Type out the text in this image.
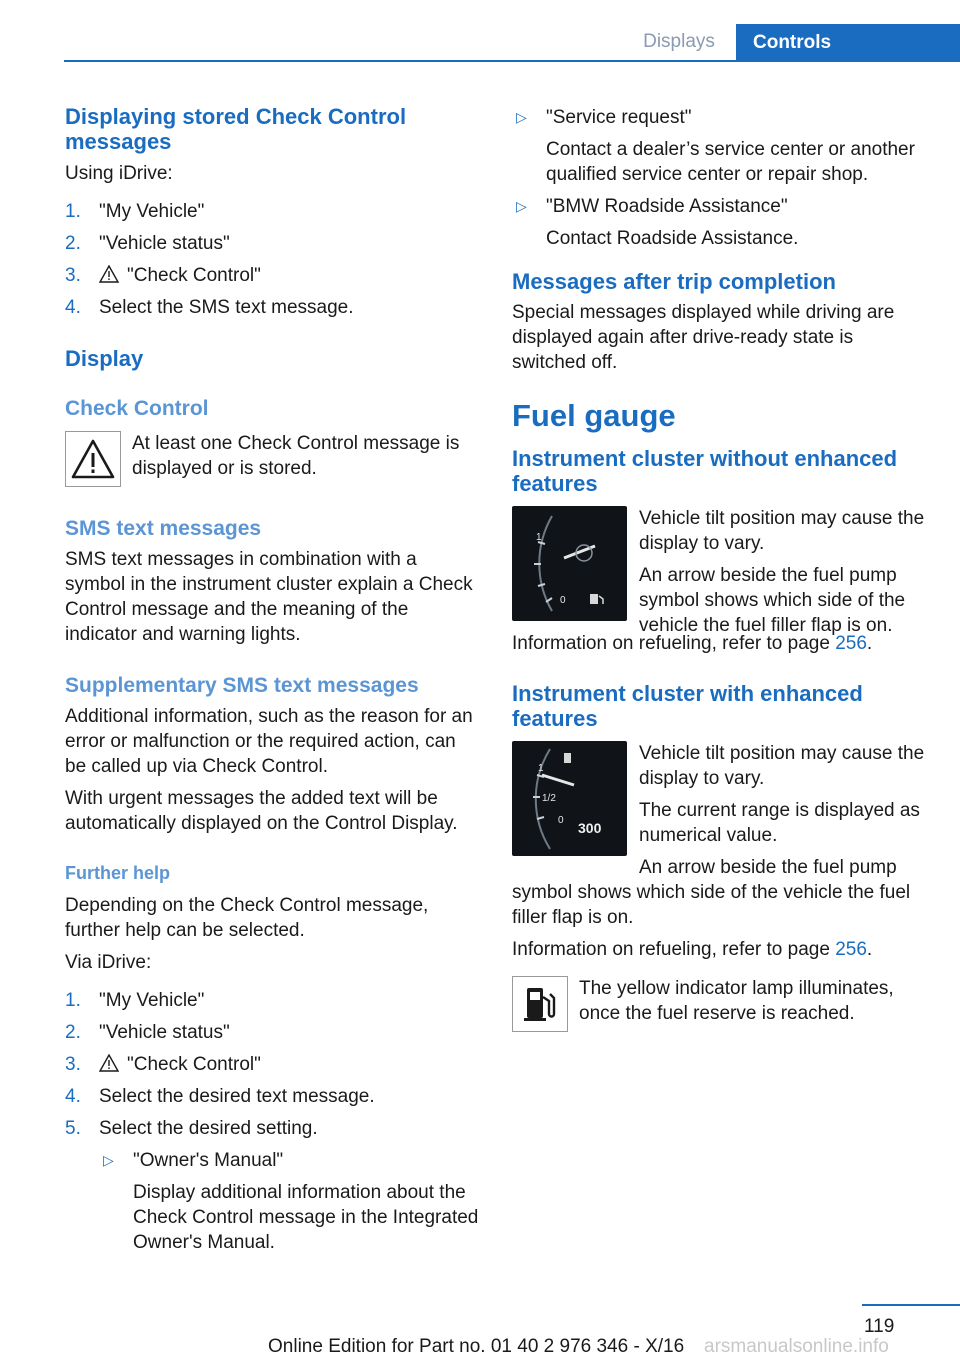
Displays	Controls
Displaying stored Check Control messages

Using iDrive:

1. "My Vehicle"
2. "Vehicle status"
3. "Check Control"
4. Select the SMS text message.
Display
Check Control

At least one Check Control message is displayed or is stored.

SMS text messages

SMS text messages in combination with a symbol in the instrument cluster explain a Check Control message and the meaning of the indicator and warning lights.

Supplementary SMS text messages

Additional information, such as the reason for an error or malfunction or the required action, can be called up via Check Control.

With urgent messages the added text will be automatically displayed on the Control Display.

Further help

Depending on the Check Control message, further help can be selected.

Via iDrive:

1. "My Vehicle"
2. "Vehicle status"
3. "Check Control"
4. Select the desired text message.
5. Select the desired setting.
▷ "Owner's Manual"
Display additional information about the Check Control message in the Integrated Owner's Manual.
▷ "Service request"
Contact a dealer’s service center or another qualified service center or repair shop.
▷ "BMW Roadside Assistance"
Contact Roadside Assistance.
Messages after trip completion

Special messages displayed while driving are displayed again after drive-ready state is switched off.

Fuel gauge
Instrument cluster without enhanced features
1
0

Vehicle tilt position may cause the display to vary.

An arrow beside the fuel pump symbol shows which side of the vehicle the fuel filler flap is on.

Information on refueling, refer to page 256.

Instrument cluster with enhanced features
1
1/2
0 300

Vehicle tilt position may cause the display to vary.

The current range is displayed as numerical value.

An arrow beside the fuel pump symbol shows which side of the vehicle the fuel filler flap is on.

Information on refueling, refer to page 256.

The yellow indicator lamp illuminates, once the fuel reserve is reached.

119
Online Edition for Part no. 01 40 2 976 346 - X/16 arsmanualsonline.info
